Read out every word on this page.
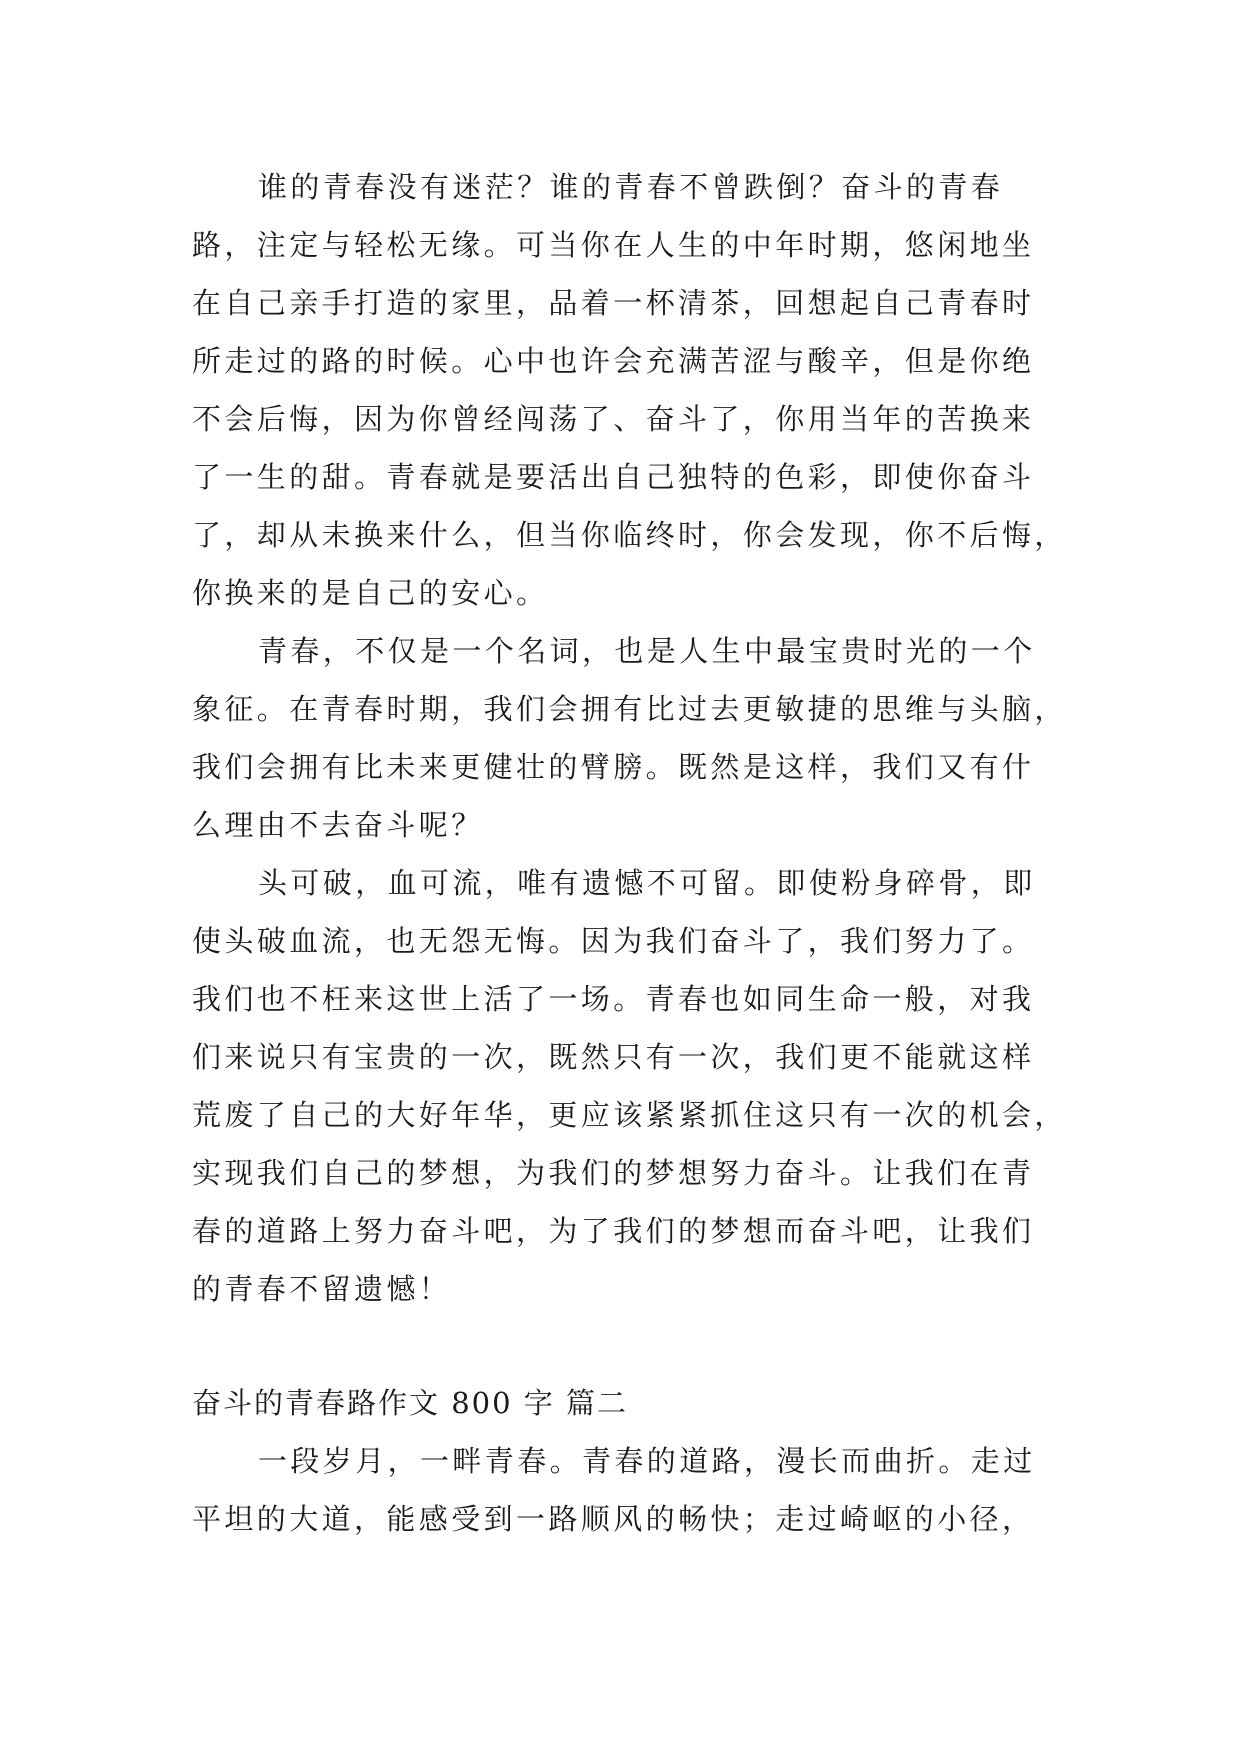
谁的青春没有迷茫？谁的青春不曾跌倒？奋斗的青春
路，注定与轻松无缘。可当你在人生的中年时期，悠闲地坐
在自己亲手打造的家里，品着一杯清茶，回想起自己青春时
所走过的路的时候。心中也许会充满苦涩与酸辛，但是你绝
不会后悔，因为你曾经闯荡了、奋斗了，你用当年的苦换来
了一生的甜。青春就是要活出自己独特的色彩，即使你奋斗
了，却从未换来什么，但当你临终时，你会发现，你不后悔，
你换来的是自己的安心。
青春，不仅是一个名词，也是人生中最宝贵时光的一个
象征。在青春时期，我们会拥有比过去更敏捷的思维与头脑，
我们会拥有比未来更健壮的臂膀。既然是这样，我们又有什
么理由不去奋斗呢？
头可破，血可流，唯有遗憾不可留。即使粉身碎骨，即
使头破血流，也无怨无悔。因为我们奋斗了，我们努力了。
我们也不枉来这世上活了一场。青春也如同生命一般，对我
们来说只有宝贵的一次，既然只有一次，我们更不能就这样
荒废了自己的大好年华，更应该紧紧抓住这只有一次的机会，
实现我们自己的梦想，为我们的梦想努力奋斗。让我们在青
春的道路上努力奋斗吧，为了我们的梦想而奋斗吧，让我们
的青春不留遗憾！
奋斗的青春路作文 800 字 篇二
一段岁月，一畔青春。青春的道路，漫长而曲折。走过
平坦的大道，能感受到一路顺风的畅快；走过崎岖的小径，
